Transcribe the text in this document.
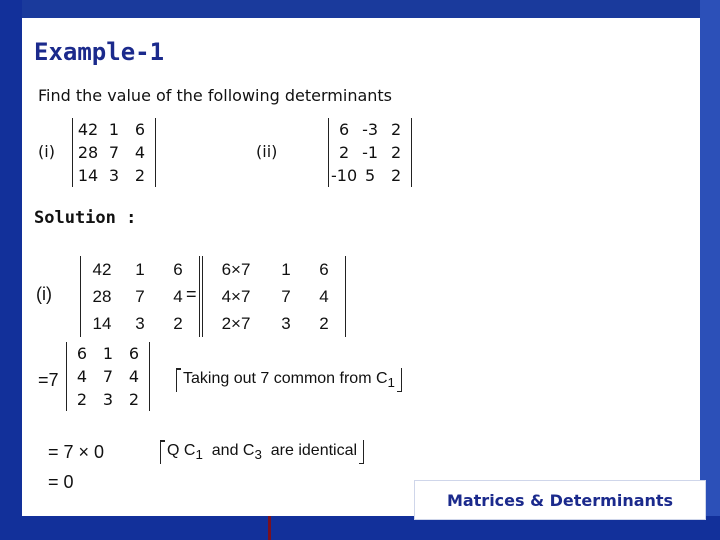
Example-1
Find the value of the following determinants
(i)
42	1	6
28	7	4
14	3	2
(ii)
6	-3	2
2	-1	2
-10	5	2
Solution :
(i)
42	1	6
28	7	4
14	3	2
=
6×7	1	6
4×7	7	4
2×7	3	2
=7
6	1	6
4	7	4
2	3	2
Taking out 7 common from $C_1$
= 7 × 0	Q $C_1$  and $C_3$  are identical
= 0
Matrices & Determinants
